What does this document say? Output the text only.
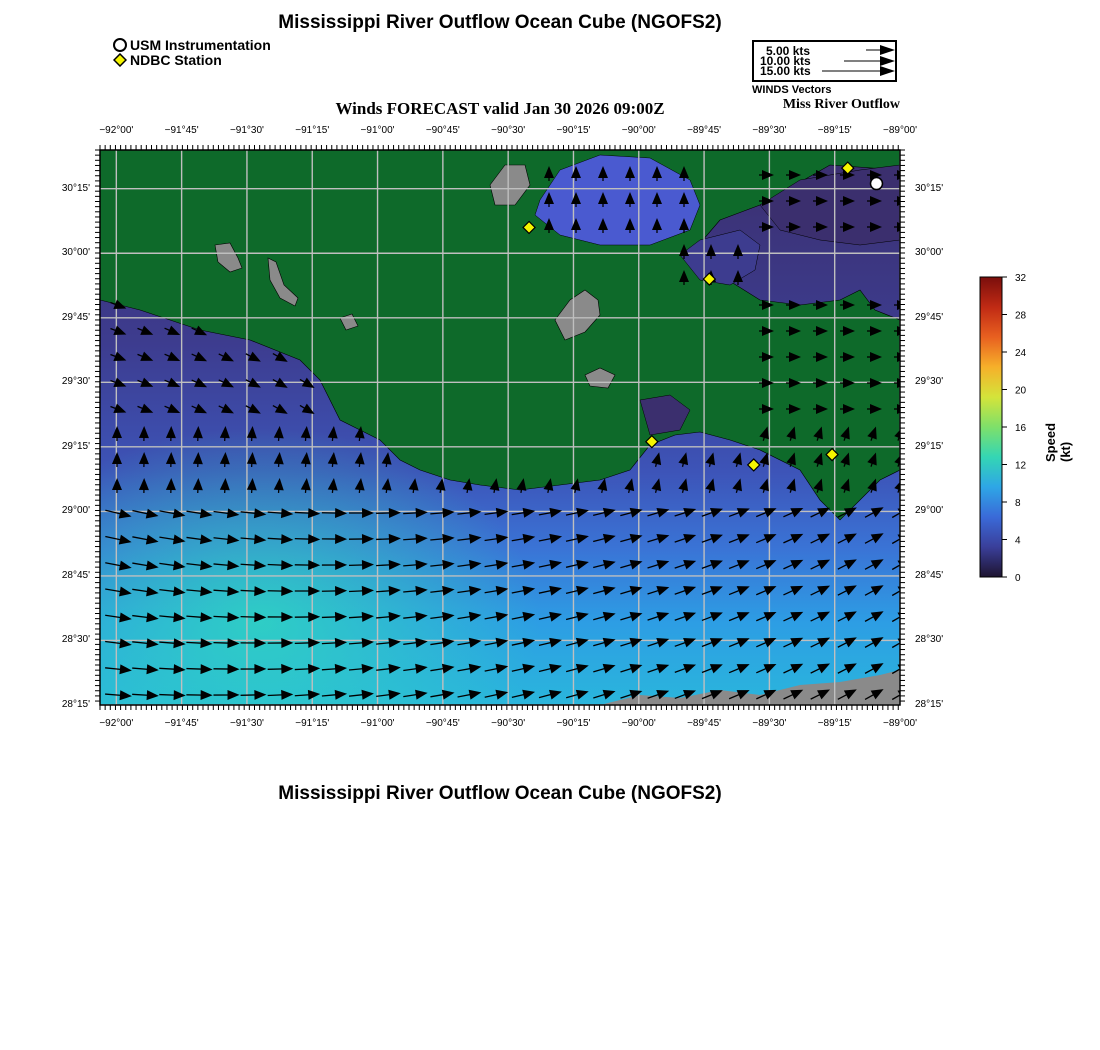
Mississippi River Outflow Ocean Cube (NGOFS2)
USM Instrumentation
NDBC Station
5.00 kts
10.00 kts
15.00 kts
WINDS Vectors
Winds FORECAST valid Jan 30 2026 09:00Z	Miss River Outflow
32
28
24
20
16
12
8
4
0
Speed (kt)
Mississippi River Outflow Ocean Cube (NGOFS2)
−92°00'
−92°00'
−91°45'
−91°45'
−91°30'
−91°30'
−91°15'
−91°15'
−91°00'
−91°00'
−90°45'
−90°45'
−90°30'
−90°30'
−90°15'
−90°15'
−90°00'
−90°00'
−89°45'
−89°45'
−89°30'
−89°30'
−89°15'
−89°15'
−89°00'
−89°00'
30°15'	30°15'
30°00'	30°00'
29°45'	29°45'
29°30'	29°30'
29°15'	29°15'
29°00'	29°00'
28°45'	28°45'
28°30'	28°30'
28°15'	28°15'
